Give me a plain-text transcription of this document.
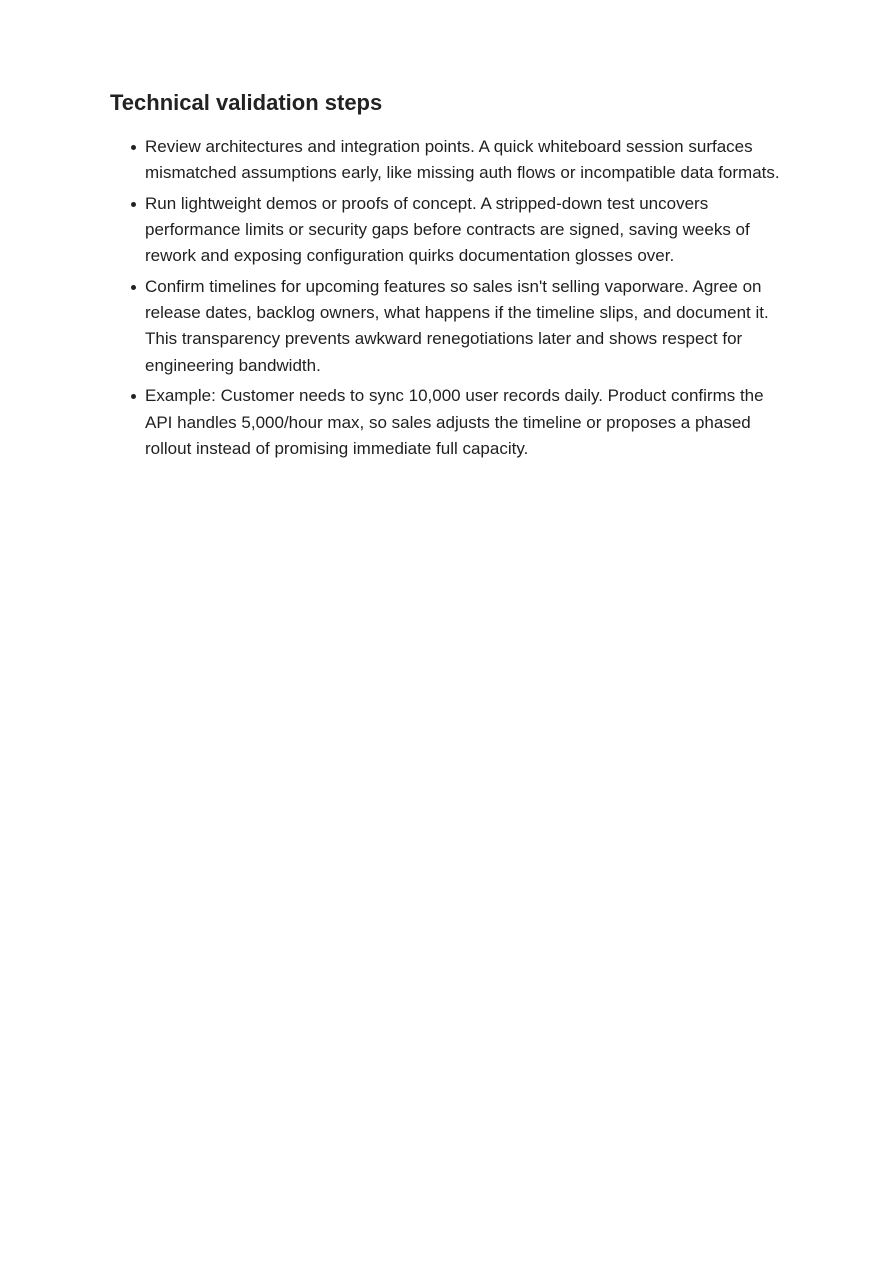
Technical validation steps
Review architectures and integration points. A quick whiteboard session surfaces mismatched assumptions early, like missing auth flows or incompatible data formats.
Run lightweight demos or proofs of concept. A stripped-down test uncovers performance limits or security gaps before contracts are signed, saving weeks of rework and exposing configuration quirks documentation glosses over.
Confirm timelines for upcoming features so sales isn't selling vaporware. Agree on release dates, backlog owners, what happens if the timeline slips, and document it. This transparency prevents awkward renegotiations later and shows respect for engineering bandwidth.
Example: Customer needs to sync 10,000 user records daily. Product confirms the API handles 5,000/hour max, so sales adjusts the timeline or proposes a phased rollout instead of promising immediate full capacity.
